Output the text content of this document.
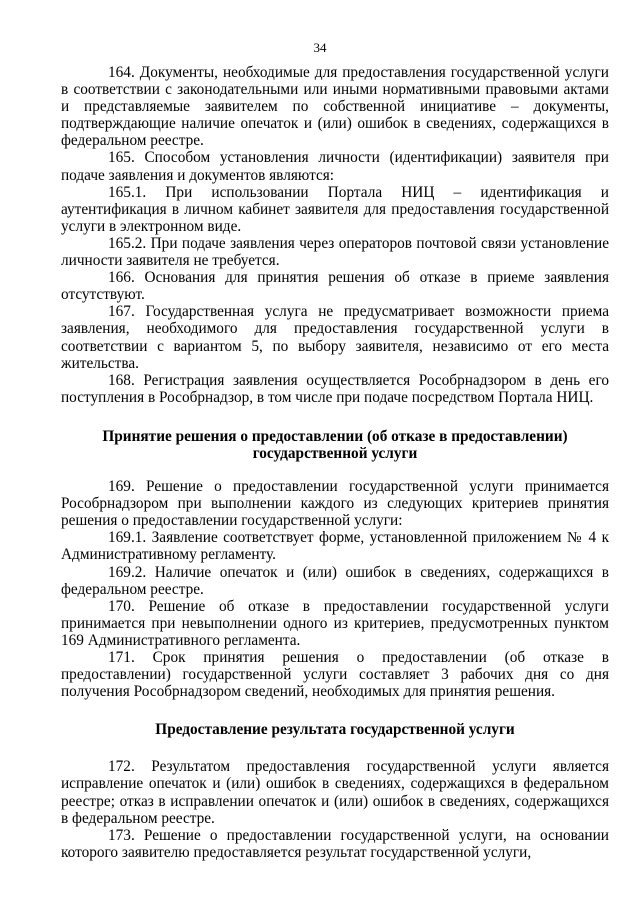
34

164. Документы, необходимые для предоставления государственной услуги в соответствии с законодательными или иными нормативными правовыми актами и представляемые заявителем по собственной инициативе – документы, подтверждающие наличие опечаток и (или) ошибок в сведениях, содержащихся в федеральном реестре.

165. Способом установления личности (идентификации) заявителя при подаче заявления и документов являются:

165.1. При использовании Портала НИЦ – идентификация и аутентификация в личном кабинет заявителя для предоставления государственной услуги в электронном виде.

165.2. При подаче заявления через операторов почтовой связи установление личности заявителя не требуется.

166. Основания для принятия решения об отказе в приеме заявления отсутствуют.

167. Государственная услуга не предусматривает возможности приема заявления, необходимого для предоставления государственной услуги в соответствии с вариантом 5, по выбору заявителя, независимо от его места жительства.

168. Регистрация заявления осуществляется Рособрнадзором в день его поступления в Рособрнадзор, в том числе при подаче посредством Портала НИЦ.

Принятие решения о предоставлении (об отказе в предоставлении) государственной услуги

169. Решение о предоставлении государственной услуги принимается Рособрнадзором при выполнении каждого из следующих критериев принятия решения о предоставлении государственной услуги:

169.1. Заявление соответствует форме, установленной приложением № 4 к Административному регламенту.

169.2. Наличие опечаток и (или) ошибок в сведениях, содержащихся в федеральном реестре.

170. Решение об отказе в предоставлении государственной услуги принимается при невыполнении одного из критериев, предусмотренных пунктом 169 Административного регламента.

171. Срок принятия решения о предоставлении (об отказе в предоставлении) государственной услуги составляет 3 рабочих дня со дня получения Рособрнадзором сведений, необходимых для принятия решения.

Предоставление результата государственной услуги

172. Результатом предоставления государственной услуги является исправление опечаток и (или) ошибок в сведениях, содержащихся в федеральном реестре; отказ в исправлении опечаток и (или) ошибок в сведениях, содержащихся в федеральном реестре.

173. Решение о предоставлении государственной услуги, на основании которого заявителю предоставляется результат государственной услуги,
